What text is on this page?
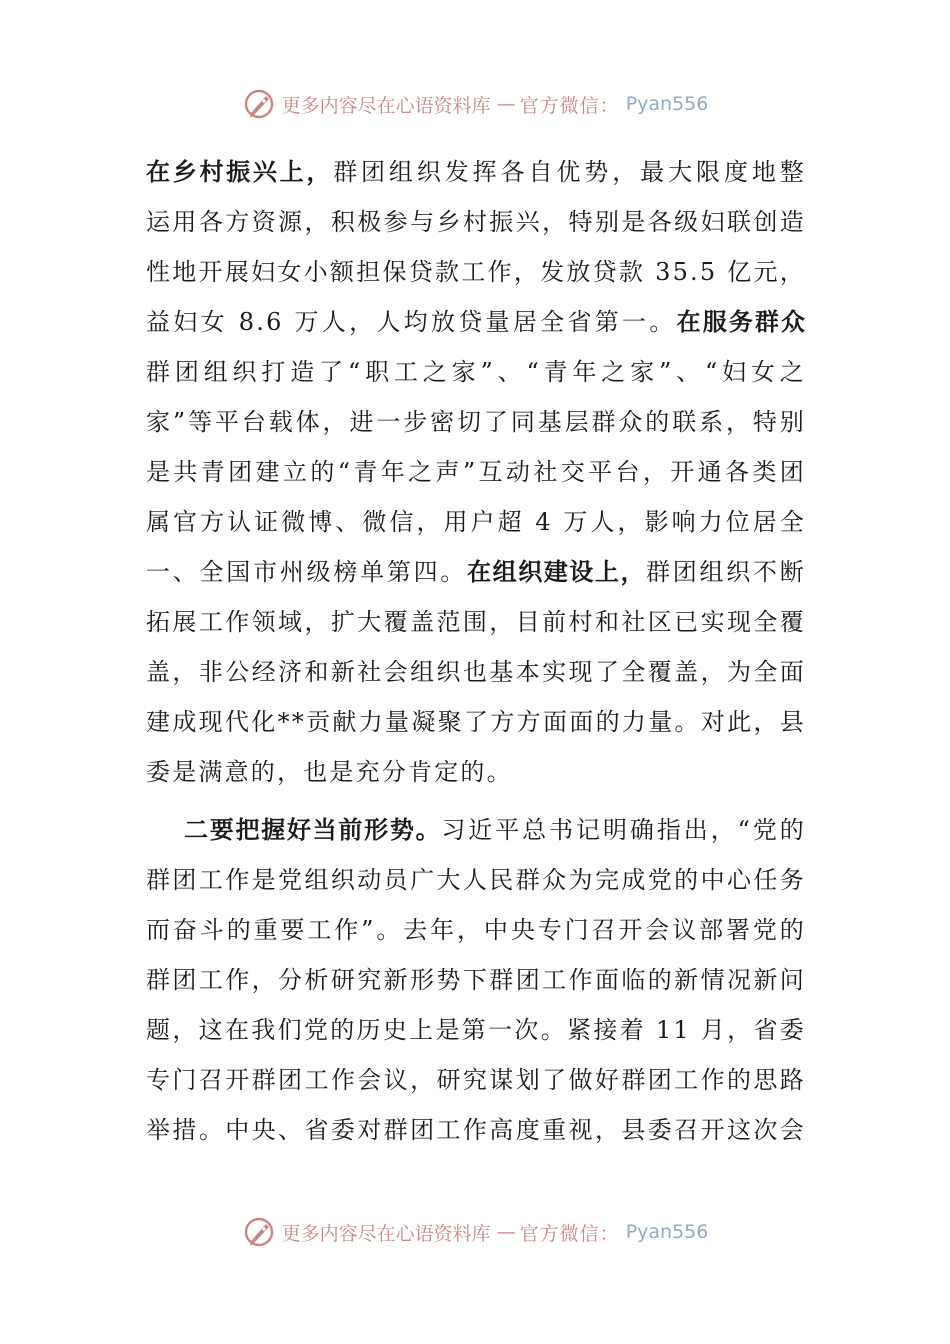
更多内容尽在心语资料库 — 官方微信： Pyan556
在乡村振兴上，群团组织发挥各自优势，最大限度地整
运用各方资源，积极参与乡村振兴，特别是各级妇联创造
性地开展妇女小额担保贷款工作，发放贷款 35.5 亿元，
益妇女 8.6 万人，人均放贷量居全省第一。在服务群众
群团组织打造了“职工之家”、“青年之家”、“妇女之
家”等平台载体，进一步密切了同基层群众的联系，特别
是共青团建立的“青年之声”互动社交平台，开通各类团
属官方认证微博、微信，用户超 4 万人，影响力位居全
一、全国市州级榜单第四。在组织建设上，群团组织不断
拓展工作领域，扩大覆盖范围，目前村和社区已实现全覆
盖，非公经济和新社会组织也基本实现了全覆盖，为全面
建成现代化**贡献力量凝聚了方方面面的力量。对此，县
委是满意的，也是充分肯定的。
二要把握好当前形势。习近平总书记明确指出，“党的
群团工作是党组织动员广大人民群众为完成党的中心任务
而奋斗的重要工作”。去年，中央专门召开会议部署党的
群团工作，分析研究新形势下群团工作面临的新情况新问
题，这在我们党的历史上是第一次。紧接着 11 月，省委
专门召开群团工作会议，研究谋划了做好群团工作的思路
举措。中央、省委对群团工作高度重视，县委召开这次会
更多内容尽在心语资料库 — 官方微信： Pyan556
